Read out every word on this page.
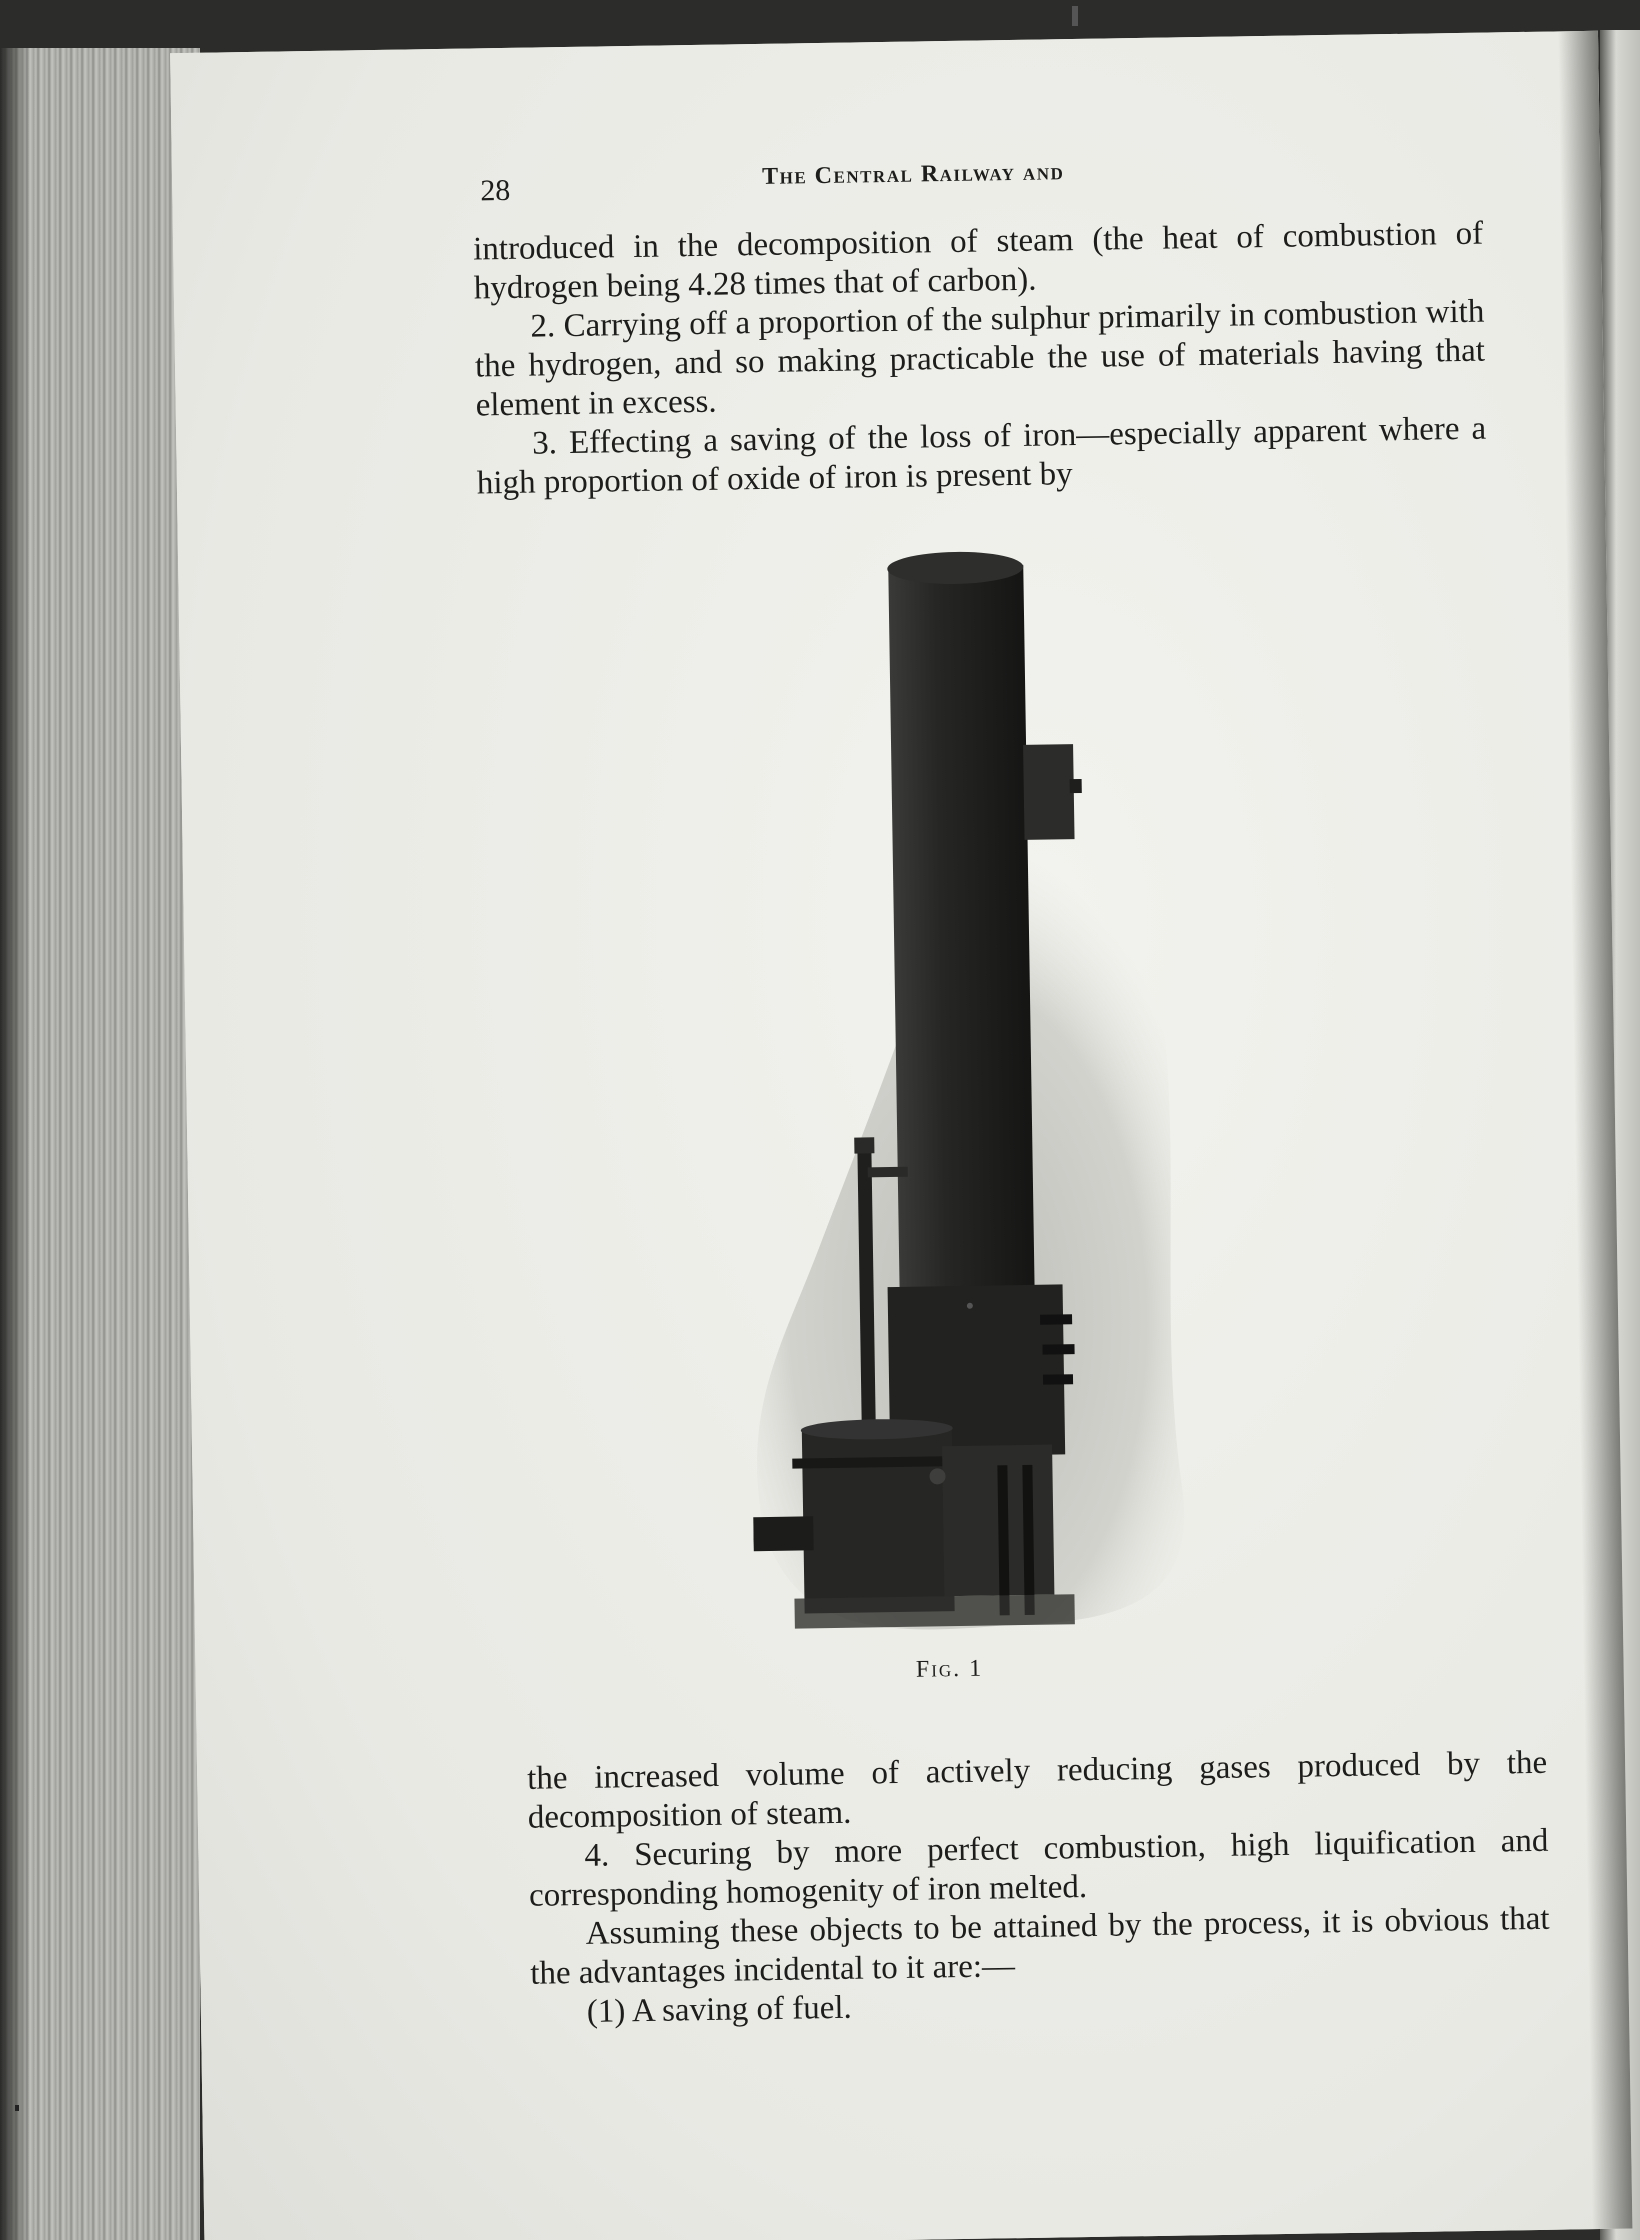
28	The Central Railway and

introduced in the decomposition of steam (the heat of combustion of hydrogen being 4.28 times that of carbon).

2. Carrying off a proportion of the sulphur primarily in combustion with the hydrogen, and so making practicable the use of materials having that element in excess.

3. Effecting a saving of the loss of iron—especially apparent where a high proportion of oxide of iron is present by

Fig. 1

the increased volume of actively reducing gases produced by the decomposition of steam.

4. Securing by more perfect combustion, high liquification and corresponding homogenity of iron melted.

Assuming these objects to be attained by the process, it is obvious that the advantages incidental to it are:—

(1) A saving of fuel.
